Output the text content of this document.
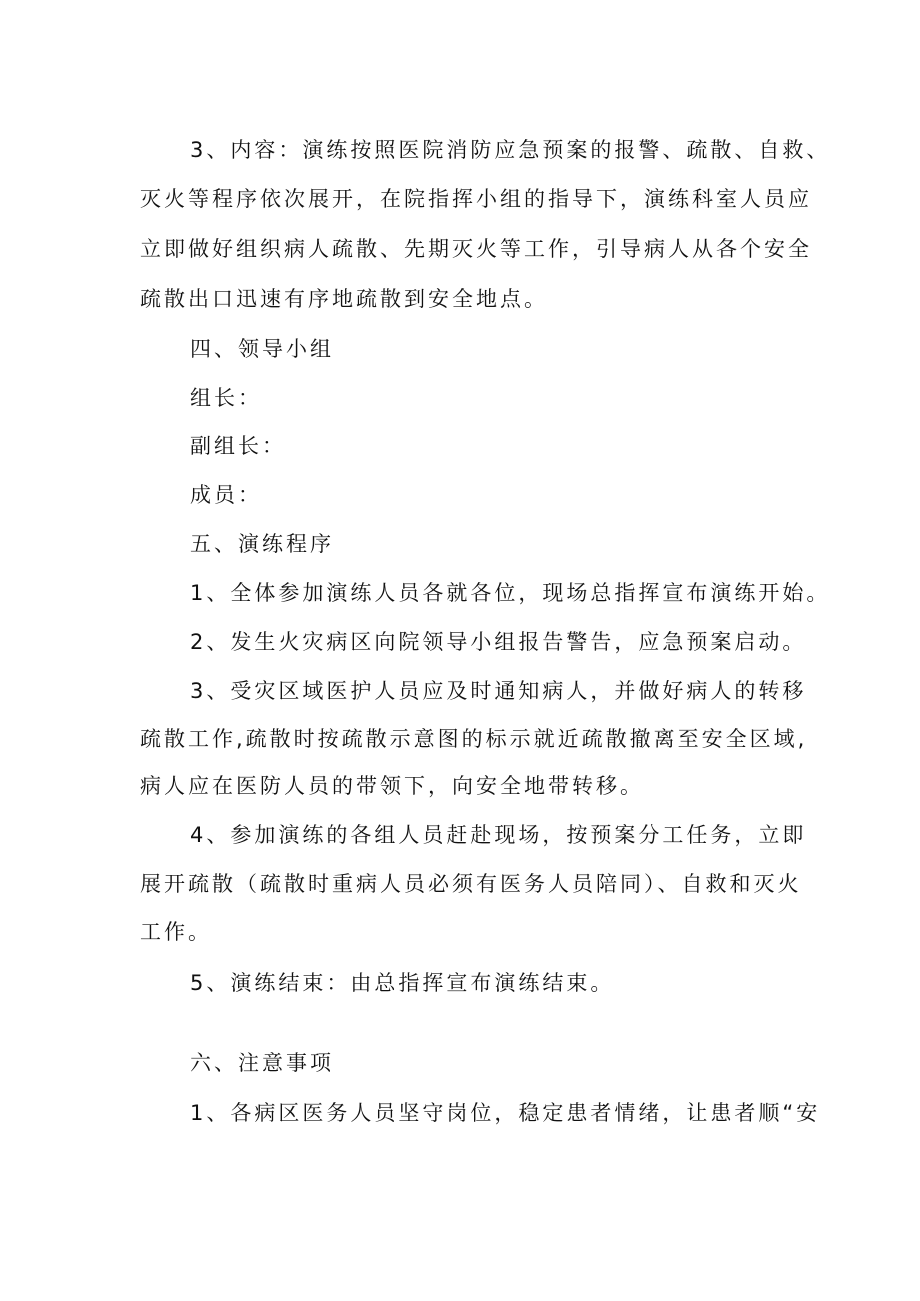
3、内容：演练按照医院消防应急预案的报警、疏散、自救、
灭火等程序依次展开，在院指挥小组的指导下，演练科室人员应
立即做好组织病人疏散、先期灭火等工作，引导病人从各个安全
疏散出口迅速有序地疏散到安全地点。
四、领导小组
组长：
副组长：
成员：
五、演练程序
1、全体参加演练人员各就各位，现场总指挥宣布演练开始。
2、发生火灾病区向院领导小组报告警告，应急预案启动。
3、受灾区域医护人员应及时通知病人，并做好病人的转移
疏散工作,疏散时按疏散示意图的标示就近疏散撤离至安全区域,
病人应在医防人员的带领下，向安全地带转移。
4、参加演练的各组人员赶赴现场，按预案分工任务，立即
展开疏散（疏散时重病人员必须有医务人员陪同）、自救和灭火
工作。
5、演练结束：由总指挥宣布演练结束。
六、注意事项
1、各病区医务人员坚守岗位，稳定患者情绪，让患者顺“安
